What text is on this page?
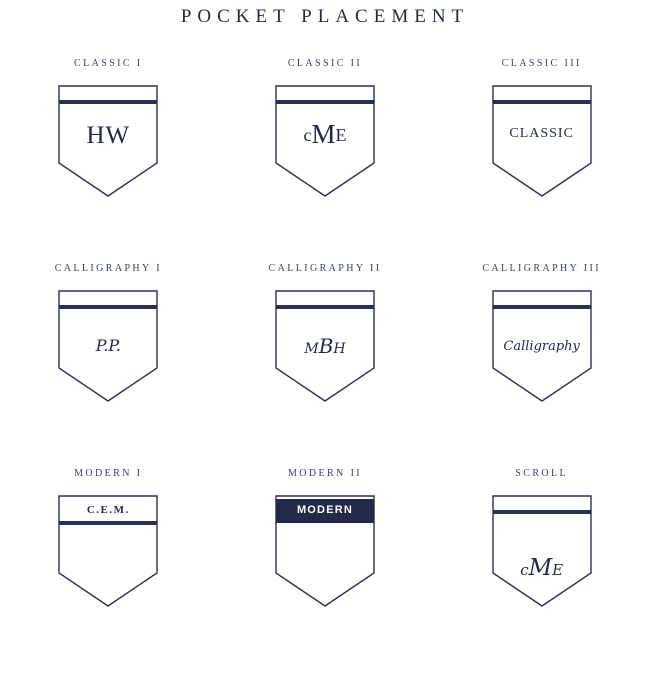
POCKET PLACEMENT
CLASSIC I
HW
CLASSIC II
cME
CLASSIC III
CLASSIC
CALLIGRAPHY I
P.P.
CALLIGRAPHY II
MBH
CALLIGRAPHY III
Calligraphy
MODERN I
C.E.M.
MODERN II
MODERN
SCROLL
cME
